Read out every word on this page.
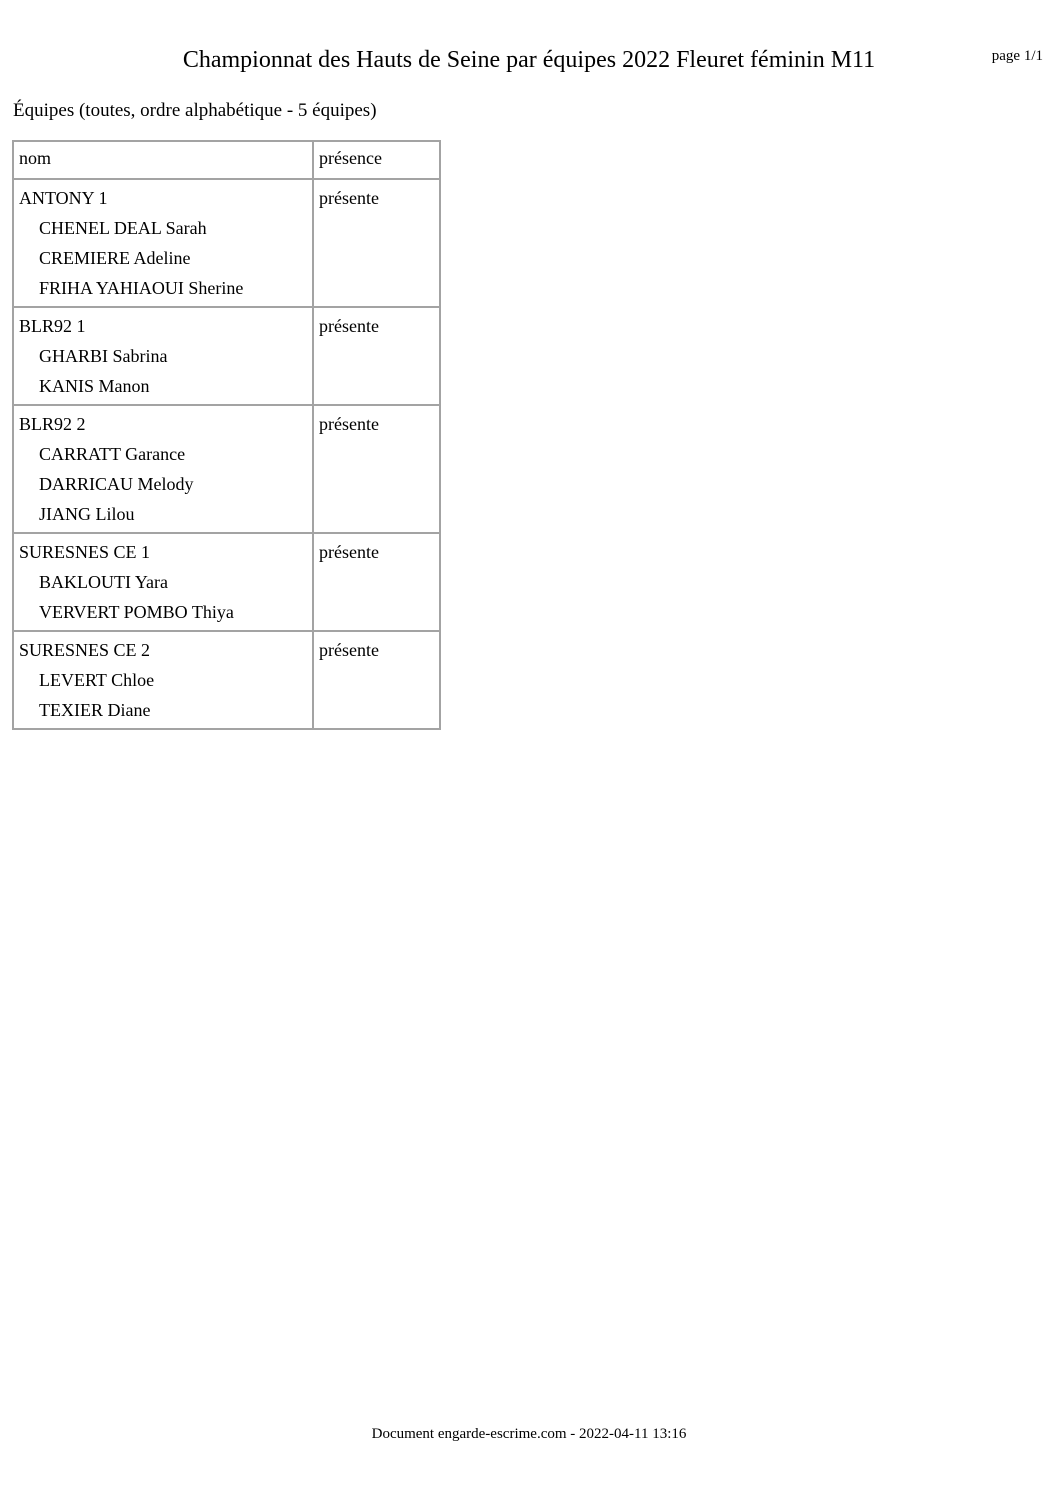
Championnat des Hauts de Seine par équipes 2022 Fleuret féminin M11	page 1/1
Équipes (toutes, ordre alphabétique - 5 équipes)
nom	présence

ANTONY 1
CHENEL DEAL Sarah
CREMIERE Adeline
FRIHA YAHIAOUI Sherine	présente

BLR92 1
GHARBI Sabrina
KANIS Manon	présente

BLR92 2
CARRATT Garance
DARRICAU Melody
JIANG Lilou	présente

SURESNES CE 1
BAKLOUTI Yara
VERVERT POMBO Thiya	présente

SURESNES CE 2
LEVERT Chloe
TEXIER Diane	présente
Document engarde-escrime.com - 2022-04-11 13:16
